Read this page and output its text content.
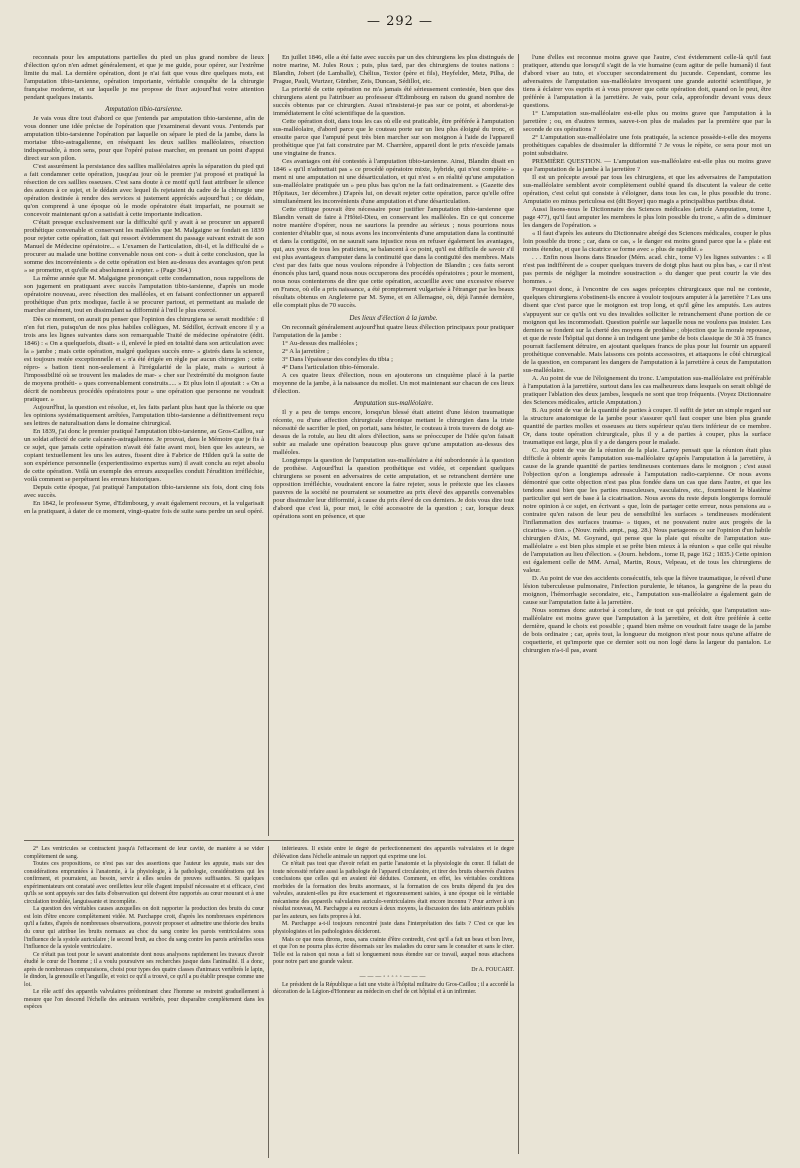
— 292 —

reconnais pour les amputations partielles du pied un plus grand nombre de lieux d'élection qu'on n'en admet généralement, et que je me guide, pour opérer, sur l'extrême limite du mal. La dernière opération, dont je n'ai fait que vous dire quelques mots, est l'amputation tibio-tarsienne, opération importante, véritable conquête de la chirurgie française moderne, et sur laquelle je me propose de fixer aujourd'hui votre attention pendant quelques instants.

Amputation tibio-tarsienne.

Je vais vous dire tout d'abord ce que j'entends par amputation tibio-tarsienne, afin de vous donner une idée précise de l'opération que j'examinerai devant vous. J'entends par amputation tibio-tarsienne l'opération par laquelle on sépare le pied de la jambe, dans la mortaise tibio-astragalienne, en réséquant les deux saillies malléolaires, résection indispensable, à mon sens, pour que l'opéré puisse marcher, en prenant un point d'appui direct sur son pilon.

C'est assurément la persistance des saillies malléolaires après la séparation du pied qui a fait condamner cette opération, jusqu'au jour où le premier j'ai proposé et pratiqué la résection de ces saillies osseuses. C'est sans doute à ce motif qu'il faut attribuer le silence des auteurs à ce sujet, et le dédain avec lequel ils rejetaient du cadre de la chirurgie une opération destinée à rendre des services si justement appréciés aujourd'hui ; ce dédain, qu'on comprend à une époque où le mode opératoire était imparfait, ne pourrait se concevoir maintenant qu'on a satisfait à cette importante indication.

C'était presque exclusivement sur la difficulté qu'il y avait à se procurer un appareil prothétique convenable et conservant les malléoles que M. Malgaigne se fondait en 1839 pour rejeter cette opération, fait qui ressort évidemment du passage suivant extrait de son Manuel de Médecine opératoire... « L'examen de l'articulation, dit-il, et la difficulté de » procurer au malade une bottine convenable nous ont con- » duit à cette conclusion, que la somme des inconvénients » de cette opération est bien au-dessus des avantages qu'on peut » se promettre, et qu'elle est absolument à rejeter. » (Page 364.)

La même année que M. Malgaigne prononçait cette condamnation, nous rappelions de son jugement en pratiquant avec succès l'amputation tibio-tarsienne, d'après un mode opératoire nouveau, avec résection des malléoles, et en faisant confectionner un appareil prothétique d'un prix modique, facile à se procurer partout, et permettant au malade de marcher aisément, tout en dissimulant sa difformité à l'œil le plus exercé.

Dès ce moment, on aurait pu penser que l'opinion des chirurgiens se serait modifiée : il n'en fut rien, puisqu'un de nos plus habiles collègues, M. Sédillot, écrivait encore il y a trois ans les lignes suivantes dans son remarquable Traité de médecine opératoire (édit. 1846) : « On a quelquefois, disait- » il, enlevé le pied en totalité dans son articulation avec la » jambe ; mais cette opération, malgré quelques succès enre- » gistrés dans la science, est toujours restée exceptionnelle et » n'a été érigée en règle par aucun chirurgien ; cette répro- » bation tient non-seulement à l'irrégularité de la plaie, mais » surtout à l'impossibilité où se trouvent les malades de mar- » cher sur l'extrémité du moignon faute de moyens prothéti- » ques convenablement construits..... » Et plus loin il ajoutait : « On a décrit de nombreux procédés opératoires pour » une opération que personne ne voudrait pratiquer. »

Aujourd'hui, la question est résolue, et, les faits parlant plus haut que la théorie ou que les opinions systématiquement arrêtées, l'amputation tibio-tarsienne a définitivement reçu ses lettres de naturalisation dans le domaine chirurgical.

En 1839, j'ai donc le premier pratiqué l'amputation tibio-tarsienne, au Gros-Caillou, sur un soldat affecté de carie calcanéo-astragalienne. Je prouvai, dans le Mémoire que je fis à ce sujet, que jamais cette opération n'avait été faite avant moi, bien que les auteurs, se copiant textuellement les uns les autres, fissent dire à Fabrice de Hilden qu'à la suite de son expérience personnelle (experientissimo expertus sum) il avait conclu au rejet absolu de cette opération. Voilà un exemple des erreurs auxquelles conduit l'érudition irréfléchie, voilà comment se perpétuent les erreurs historiques.

Depuis cette époque, j'ai pratiqué l'amputation tibio-tarsienne six fois, dont cinq fois avec succès.

En 1842, le professeur Syme, d'Edimbourg, y avait également recours, et la vulgarisait en la pratiquant, à dater de ce moment, vingt-quatre fois de suite sans perdre un seul opéré.

En juillet 1846, elle a été faite avec succès par un des chirurgiens les plus distingués de notre marine, M. Jules Roux ; puis, plus tard, par des chirurgiens de toutes nations : Blandin, Jobert (de Lamballe), Chélius, Textor (père et fils), Heyfelder, Metz, Pilha, de Prague, Pauli, Wurtzer, Günther, Zeis, Duncan, Sédillot, etc.

La priorité de cette opération ne m'a jamais été sérieusement contestée, bien que des chirurgiens aient pu l'attribuer au professeur d'Edimbourg en raison du grand nombre de succès obtenus par ce chirurgien. Aussi n'insisterai-je pas sur ce point, et aborderai-je immédiatement le côté scientifique de la question.

Cette opération doit, dans tous les cas où elle est praticable, être préférée à l'amputation sus-malléolaire, d'abord parce que le couteau porte sur un lieu plus éloigné du tronc, et ensuite parce que l'amputé peut très bien marcher sur son moignon à l'aide de l'appareil prothétique que j'ai fait construire par M. Charrière, appareil dont le prix n'excède jamais une vingtaine de francs.

Ces avantages ont été contestés à l'amputation tibio-tarsienne. Ainsi, Blandin disait en 1846 « qu'il n'admettait pas » ce procédé opératoire mixte, hybride, qui n'est complète- » ment ni une amputation ni une désarticulation, et qui n'est » en réalité qu'une amputation sus-malléolaire pratiquée un » peu plus bas qu'on ne la fait ordinairement. » (Gazette des Hôpitaux, 1er décembre.) D'après lui, on devait rejeter cette opération, parce qu'elle offre simultanément les inconvénients d'une amputation et d'une désarticulation.

Cette critique pouvait être nécessaire pour justifier l'amputation tibio-tarsienne que Blandin venait de faire à l'Hôtel-Dieu, en conservant les malléoles. En ce qui concerne notre manière d'opérer, nous ne saurions la prendre au sérieux ; nous pourrions nous contenter d'établir que, si nous avons les inconvénients d'une amputation dans la continuité et dans la contiguïté, on ne saurait sans injustice nous en refuser également les avantages, qui, aux yeux de tous les praticiens, se balancent à ce point, qu'il est difficile de savoir s'il est plus avantageux d'amputer dans la continuité que dans la contiguïté des membres. Mais c'est par des faits que nous voulons répondre à l'objection de Blandin ; ces faits seront énoncés plus tard, quand nous nous occuperons des procédés opératoires ; pour le moment, nous nous contenterons de dire que cette opération, accueillie avec une excessive réserve en France, où elle a pris naissance, a été promptement vulgarisée à l'étranger par les beaux résultats obtenus en Angleterre par M. Syme, et en Allemagne, où, déjà l'année dernière, elle comptait plus de 70 succès.

Des lieux d'élection à la jambe.

On reconnaît généralement aujourd'hui quatre lieux d'élection principaux pour pratiquer l'amputation de la jambe :

1° Au-dessus des malléoles ;

2° A la jarretière ;

3° Dans l'épaisseur des condyles du tibia ;

4° Dans l'articulation tibio-fémorale.

A ces quatre lieux d'élection, nous en ajouterons un cinquième placé à la partie moyenne de la jambe, à la naissance du mollet. Un mot maintenant sur chacun de ces lieux d'élection.

Amputation sus-malléolaire.

Il y a peu de temps encore, lorsqu'un blessé était atteint d'une lésion traumatique récente, ou d'une affection chirurgicale chronique mettant le chirurgien dans la triste nécessité de sacrifier le pied, on portait, sans hésiter, le couteau à trois travers de doigt au-dessus de la rotule, au lieu dit alors d'élection, sans se préoccuper de l'idée qu'on faisait subir au malade une opération beaucoup plus grave qu'une amputation au-dessus des malléoles.

Longtemps la question de l'amputation sus-malléolaire a été subordonnée à la question de prothèse. Aujourd'hui la question prothétique est vidée, et cependant quelques chirurgiens se posent en adversaires de cette amputation, et se retranchent derrière une opposition irréfléchie, voudraient encore la faire rejeter, sous le prétexte que les classes pauvres de la société ne pourraient se soumettre au prix élevé des appareils convenables pour dissimuler leur difformité, à cause du prix élevé de ces derniers. Je dois vous dire tout d'abord que c'est là, pour moi, le côté accessoire de la question ; car, lorsque deux opérations sont en présence, et que

l'une d'elles est reconnue moins grave que l'autre, c'est évidemment celle-là qu'il faut pratiquer, attendu que lorsqu'il s'agit de la vie humaine (cum agitur de pelle humanâ) il faut d'abord viser au tuto, et s'occuper secondairement du jucunde. Cependant, comme les adversaires de l'amputation sus-malléolaire invoquent une grande autorité scientifique, je tiens à éclairer vos esprits et à vous prouver que cette opération doit, quand on le peut, être préférée à l'amputation à la jarretière. Je vais, pour cela, approfondir devant vous deux questions.

1° L'amputation sus-malléolaire est-elle plus ou moins grave que l'amputation à la jarretière ; ou, en d'autres termes, sauve-t-on plus de malades par la première que par la seconde de ces opérations ?

2° L'amputation sus-malléolaire une fois pratiquée, la science possède-t-elle des moyens prothétiques capables de dissimuler la difformité ? Je vous le répète, ce sera pour moi un point subsidiaire.

PREMIÈRE QUESTION. — L'amputation sus-malléolaire est-elle plus ou moins grave que l'amputation de la jambe à la jarretière ?

Il est un précepte avoué par tous les chirurgiens, et que les adversaires de l'amputation sus-malléolaire semblent avoir complètement oublié quand ils discutent la valeur de cette opération, c'est celui qui consiste à s'éloigner, dans tous les cas, le plus possible du tronc. Amputatio eo minus periculosa est (dit Boyer) quo magis a principalibus partibus distat.

Aussi lisons-nous le Dictionnaire des Sciences médicales (article Amputation, tome I, page 477), qu'il faut amputer les membres le plus loin possible du tronc, « afin de » diminuer les dangers de l'opération. »

« Il faut d'après les auteurs du Dictionnaire abrégé des Sciences médicales, couper le plus loin possible du tronc ; car, dans ce cas, » le danger est moins grand parce que la » plaie est moins étendue, et que la cicatrice se forme avec » plus de rapidité. »

. . . Enfin nous lisons dans Brasdor (Mém. acad. chir., tome V) les lignes suivantes : « Il n'est pas indifférent de » couper quelques travers de doigt plus haut ou plus bas, » car il n'est pas permis de négliger la moindre soustraction » du danger que peut courir la vie des hommes. »

Pourquoi donc, à l'encontre de ces sages préceptes chirurgicaux que nul ne conteste, quelques chirurgiens s'obstinent-ils encore à vouloir toujours amputer à la jarretière ? Les uns disent que c'est parce que le moignon est trop long, et qu'il gêne les amputés. Les autres s'appuyent sur ce qu'ils ont vu des invalides solliciter le retranchement d'une portion de ce moignon qui les incommodait. Question puérile sur laquelle nous ne voulons pas insister. Les derniers se fondent sur la cherté des moyens de prothèse ; objection que la morale repousse, et que de reste l'hôpital qui donne à un indigent une jambe de bois classique de 30 à 35 francs pourrait facilement détruire, en ajoutant quelques francs de plus pour lui fournir un appareil prothétique convenable. Mais laissons ces points accessoires, et attaquons le côté chirurgical de la question, en comparant les dangers de l'amputation à la jarretière à ceux de l'amputation sus-malléolaire.

A. Au point de vue de l'éloignement du tronc. L'amputation sus-malléolaire est préférable à l'amputation à la jarretière, surtout dans les cas malheureux dans lesquels on serait obligé de pratiquer l'ablation des deux jambes, lesquels ne sont que trop fréquents. (Voyez Dictionnaire des Sciences médicales, article Amputation.)

B. Au point de vue de la quantité de parties à couper. Il suffit de jeter un simple regard sur la structure anatomique de la jambe pour s'assurer qu'il faut couper une bien plus grande quantité de parties molles et osseuses au tiers supérieur qu'au tiers inférieur de ce membre. Or, dans toute opération chirurgicale, plus il y a de parties à couper, plus la surface traumatique est large, plus il y a de dangers pour le malade.

C. Au point de vue de la réunion de la plaie. Larrey pensait que la réunion était plus difficile à obtenir après l'amputation sus-malléolaire qu'après l'amputation à la jarretière, à cause de la grande quantité de parties tendineuses contenues dans le moignon ; c'est aussi l'objection qu'on a longtemps adressée à l'amputation radio-carpienne. Or nous avons démontré que cette objection n'est pas plus fondée dans un cas que dans l'autre, et que les tendons aussi bien que les parties musculeuses, vasculaires, etc., fournissent le blastème particulier qui sert de base à la cicatrisation. Nous avons du reste depuis longtemps formulé notre opinion à ce sujet, en écrivant « que, loin de partager cette erreur, nous pensions au » contraire qu'en raison de leur peu de sensibilité les surfaces » tendineuses modéraient l'inflammation des surfaces trauma- » tiques, et ne pouvaient nuire aux progrès de la cicatrisa- » tion. » (Nouv. méth. ampt., pag. 28.) Nous partageons ce sur l'opinion d'un habile chirurgien d'Aix, M. Goyrand, qui pense que la plaie qui résulte de l'amputation sus-malléolaire » est bien plus simple et se prête bien mieux à la réunion » que celle qui résulte de l'amputation au lieu d'élection. » (Journ. hebdom., tome II, page 162 ; 1835.) Cette opinion est également celle de MM. Arnal, Martin, Roux, Velpeau, et de tous les chirurgiens de valeur.

D. Au point de vue des accidents consécutifs, tels que la fièvre traumatique, le réveil d'une lésion tuberculeuse pulmonaire, l'infection purulente, le tétanos, la gangrène de la peau du moignon, l'hémorrhagie secondaire, etc., l'amputation sus-malléolaire a également gain de cause sur l'amputation faite à la jarretière.

Nous sommes donc autorisé à conclure, de tout ce qui précède, que l'amputation sus-malléolaire est moins grave que l'amputation à la jarretière, et doit être préférée à cette dernière, quand le choix est possible ; quand bien même on voudrait faire usage de la jambe de bois ordinaire ; car, après tout, la longueur du moignon n'est pour nous qu'une affaire de coquetterie, et qu'importe que ce dernier soit ou non logé dans la largeur du pantalon. Le chirurgien n'a-t-il pas, avant

2° Les ventricules se contractent jusqu'à l'effacement de leur cavité, de manière à se vider complètement de sang.

Toutes ces propositions, ce n'est pas sur des assertions que l'auteur les appuie, mais sur des considérations empruntées à l'anatomie, à la physiologie, à la pathologie, considérations qui les confirment, et pourraient, au besoin, servir à elles seules de preuves suffisantes. Si quelques expérimentateurs ont constaté avec oreillettes leur rôle d'agent impulsif nécessaire et si efficace, c'est qu'ils se sont appuyés sur des faits d'observation qui doivent être rapportés au cœur mourant et à une circulation troublée, languissante et incomplète.

La question des véritables causes auxquelles on doit rapporter la production des bruits du cœur est loin d'être encore complètement vidée. M. Parchappe croit, d'après les nombreuses expériences qu'il a faites, d'après de nombreuses observations, pouvoir proposer et admettre une théorie des bruits du cœur qui attribue les bruits normaux au choc du sang contre les parois ventriculaires sous l'influence de la systole auriculaire ; le second bruit, au choc du sang contre les parois artérielles sous l'influence de la systole ventriculaire.

Ce n'était pas tout pour le savant anatomiste dont nous analysons rapidement les travaux d'avoir étudié le cœur de l'homme ; il a voulu poursuivre ses recherches jusque dans l'animalité. Il a donc, après de nombreuses comparaisons, choisi pour types des quatre classes d'animaux vertébrés le lapin, le dindon, la grenouille et l'anguille, et voici ce qu'il a trouvé, ce qu'il a pu établir presque comme une loi.

Le rôle actif des appareils valvulaires prédominant chez l'homme se restreint graduellement à mesure que l'on descend l'échelle des animaux vertébrés, pour disparaître complètement dans les espèces

inférieures. Il existe entre le degré de perfectionnement des appareils valvulaires et le degré d'élévation dans l'échelle animale un rapport qui exprime une loi.

Ce n'était pas tout que d'avoir refait en partie l'anatomie et la physiologie du cœur. Il fallait de toute nécessité refaire aussi la pathologie de l'appareil circulatoire, et tirer des bruits observés d'autres conclusions que celles qui en avaient été déduites. Comment, en effet, les véritables conditions morbides de la formation des bruits anormaux, si la formation de ces bruits dépend du jeu des valvules, auraient-elles pu être exactement et rigoureusement saisies, à une époque où le véritable mécanisme des appareils valvulaires auriculo-ventriculaires était encore inconnu ? Pour arriver à un résultat nouveau, M. Parchappe a eu recours à deux moyens, la discussion des faits antérieurs publiés par les auteurs, ses faits propres à lui.

M. Parchappe a-t-il toujours rencontré juste dans l'interprétation des faits ? C'est ce que les physiologistes et les pathologistes décideront.

Mais ce que nous dirons, nous, sans crainte d'être contredit, c'est qu'il a fait un beau et bon livre, et que l'on ne pourra plus écrire désormais sur les maladies du cœur sans le consulter et sans le citer. Telle est la raison qui nous a fait si longuement nous étendre sur ce travail, auquel nous attachons pour notre part une grande valeur.

Dr A. FOUCART.

———◦◦◦◦◦———

Le président de la République a fait une visite à l'hôpital militaire du Gros-Caillou ; il a accordé la décoration de la Légion-d'Honneur au médecin en chef de cet hôpital et à un infirmier.
